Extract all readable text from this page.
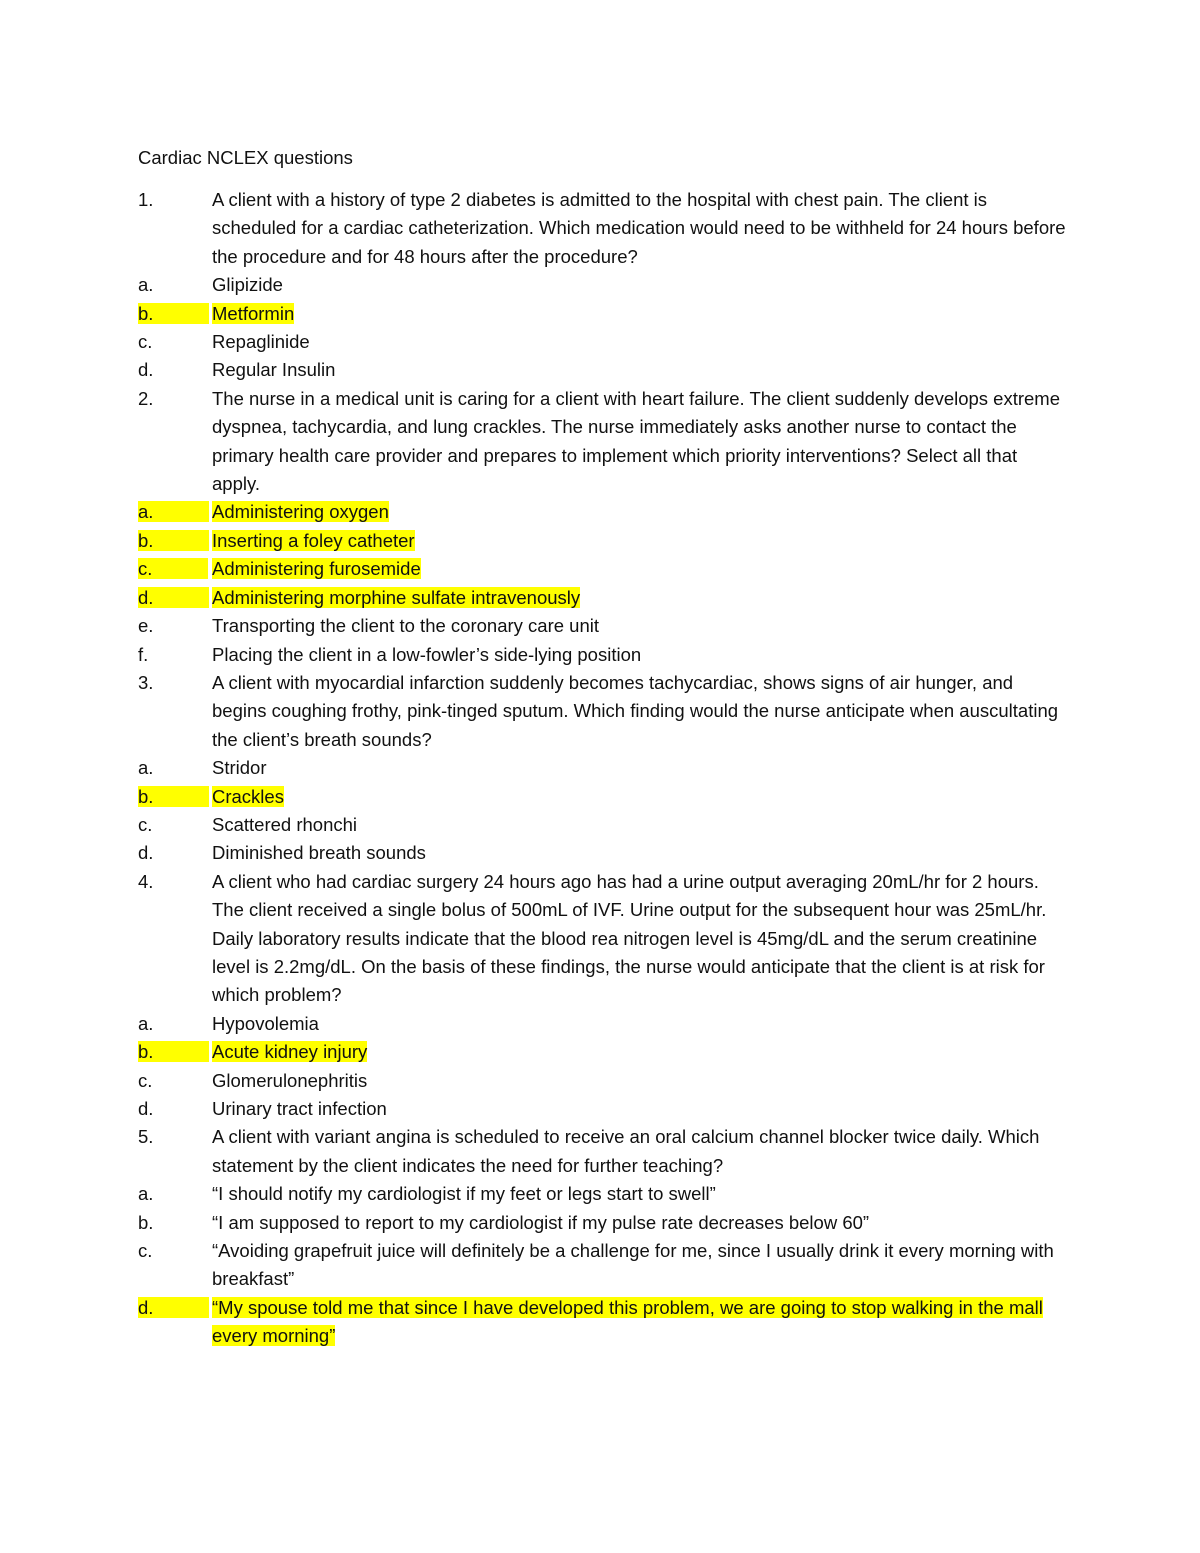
Cardiac NCLEX questions
1.	A client with a history of type 2 diabetes is admitted to the hospital with chest pain. The client is scheduled for a cardiac catheterization. Which medication would need to be withheld for 24 hours before the procedure and for 48 hours after the procedure?
a.	Glipizide
b.	Metformin
c.	Repaglinide
d.	Regular Insulin
2.	The nurse in a medical unit is caring for a client with heart failure. The client suddenly develops extreme dyspnea, tachycardia, and lung crackles. The nurse immediately asks another nurse to contact the primary health care provider and prepares to implement which priority interventions? Select all that apply.
a.	Administering oxygen
b.	Inserting a foley catheter
c.	Administering furosemide
d.	Administering morphine sulfate intravenously
e.	Transporting the client to the coronary care unit
f.	Placing the client in a low-fowler’s side-lying position
3.	A client with myocardial infarction suddenly becomes tachycardiac, shows signs of air hunger, and begins coughing frothy, pink-tinged sputum. Which finding would the nurse anticipate when auscultating the client’s breath sounds?
a.	Stridor
b.	Crackles
c.	Scattered rhonchi
d.	Diminished breath sounds
4.	A client who had cardiac surgery 24 hours ago has had a urine output averaging 20mL/hr for 2 hours. The client received a single bolus of 500mL of IVF. Urine output for the subsequent hour was 25mL/hr. Daily laboratory results indicate that the blood rea nitrogen level is 45mg/dL and the serum creatinine level is 2.2mg/dL. On the basis of these findings, the nurse would anticipate that the client is at risk for which problem?
a.	Hypovolemia
b.	Acute kidney injury
c.	Glomerulonephritis
d.	Urinary tract infection
5.	A client with variant angina is scheduled to receive an oral calcium channel blocker twice daily. Which statement by the client indicates the need for further teaching?
a.	“I should notify my cardiologist if my feet or legs start to swell”
b.	“I am supposed to report to my cardiologist if my pulse rate decreases below 60”
c.	“Avoiding grapefruit juice will definitely be a challenge for me, since I usually drink it every morning with breakfast”
d.	“My spouse told me that since I have developed this problem, we are going to stop walking in the mall every morning”
